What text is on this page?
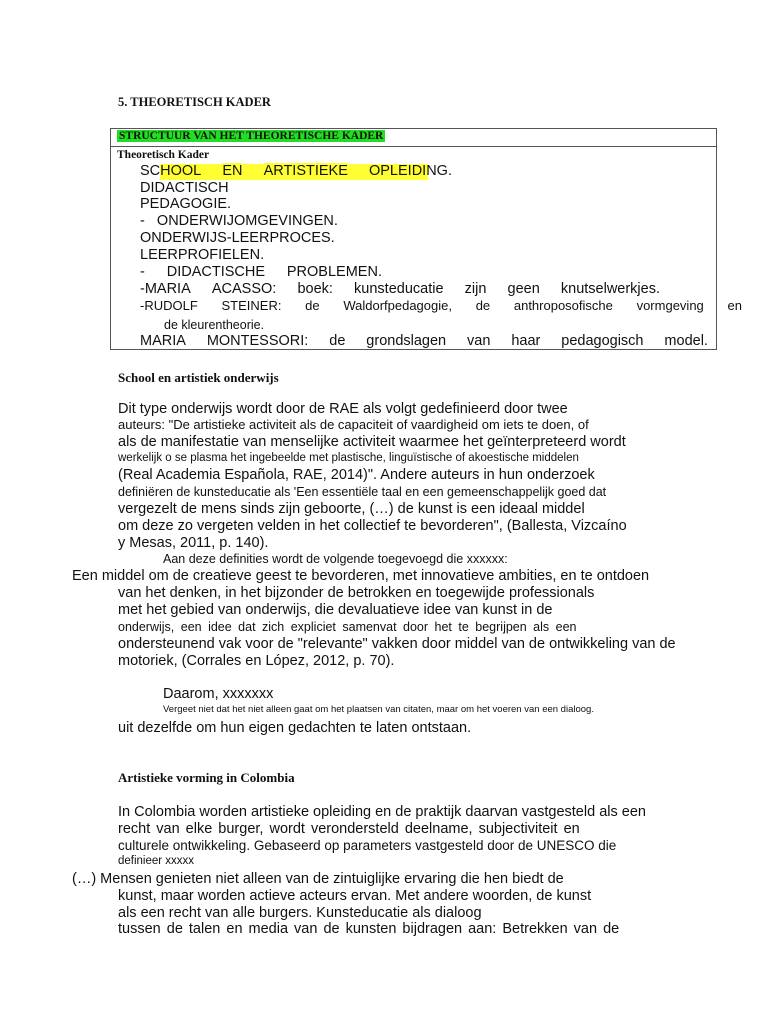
5. THEORETISCH KADER
STRUCTUUR VAN HET THEORETISCHE KADER
Theoretisch Kader
SCHOOL EN ARTISTIEKE OPLEIDING.
DIDACTISCH
PEDAGOGIE.
-   ONDERWIJOMGEVINGEN.
ONDERWIJS-LEERPROCES.
LEERPROFIELEN.
- DIDACTISCHE PROBLEMEN.
-MARIA ACASSO: boek: kunsteducatie zijn geen knutselwerkjes.
-RUDOLF STEINER: de Waldorfpedagogie, de anthroposofische vormgeving en
de kleurentheorie.
MARIA MONTESSORI: de grondslagen van haar pedagogisch model.
School en artistiek onderwijs
Dit type onderwijs wordt door de RAE als volgt gedefinieerd door twee
auteurs: "De artistieke activiteit als de capaciteit of vaardigheid om iets te doen, of
als de manifestatie van menselijke activiteit waarmee het geïnterpreteerd wordt
werkelijk o se plasma het ingebeelde met plastische, linguïstische of akoestische middelen
(Real Academia Española, RAE, 2014)". Andere auteurs in hun onderzoek
definiëren de kunsteducatie als 'Een essentiële taal en een gemeenschappelijk goed dat
vergezelt de mens sinds zijn geboorte, (…) de kunst is een ideaal middel
om deze zo vergeten velden in het collectief te bevorderen", (Ballesta, Vizcaíno
y Mesas, 2011, p. 140).
Aan deze definities wordt de volgende toegevoegd die xxxxxx:
Een middel om de creatieve geest te bevorderen, met innovatieve ambities, en te ontdoen
van het denken, in het bijzonder de betrokken en toegewijde professionals
met het gebied van onderwijs, die devaluatieve idee van kunst in de
onderwijs, een idee dat zich expliciet samenvat door het te begrijpen als een
ondersteunend vak voor de "relevante" vakken door middel van de ontwikkeling van de
motoriek, (Corrales en López, 2012, p. 70).
Daarom, xxxxxxx
Vergeet niet dat het niet alleen gaat om het plaatsen van citaten, maar om het voeren van een dialoog.
uit dezelfde om hun eigen gedachten te laten ontstaan.
Artistieke vorming in Colombia
In Colombia worden artistieke opleiding en de praktijk daarvan vastgesteld als een
recht van elke burger, wordt verondersteld deelname, subjectiviteit en
culturele ontwikkeling. Gebaseerd op parameters vastgesteld door de UNESCO die
definieer xxxxx
(…) Mensen genieten niet alleen van de zintuiglijke ervaring die hen biedt de
kunst, maar worden actieve acteurs ervan. Met andere woorden, de kunst
als een recht van alle burgers. Kunsteducatie als dialoog
tussen de talen en media van de kunsten bijdragen aan: Betrekken van de
